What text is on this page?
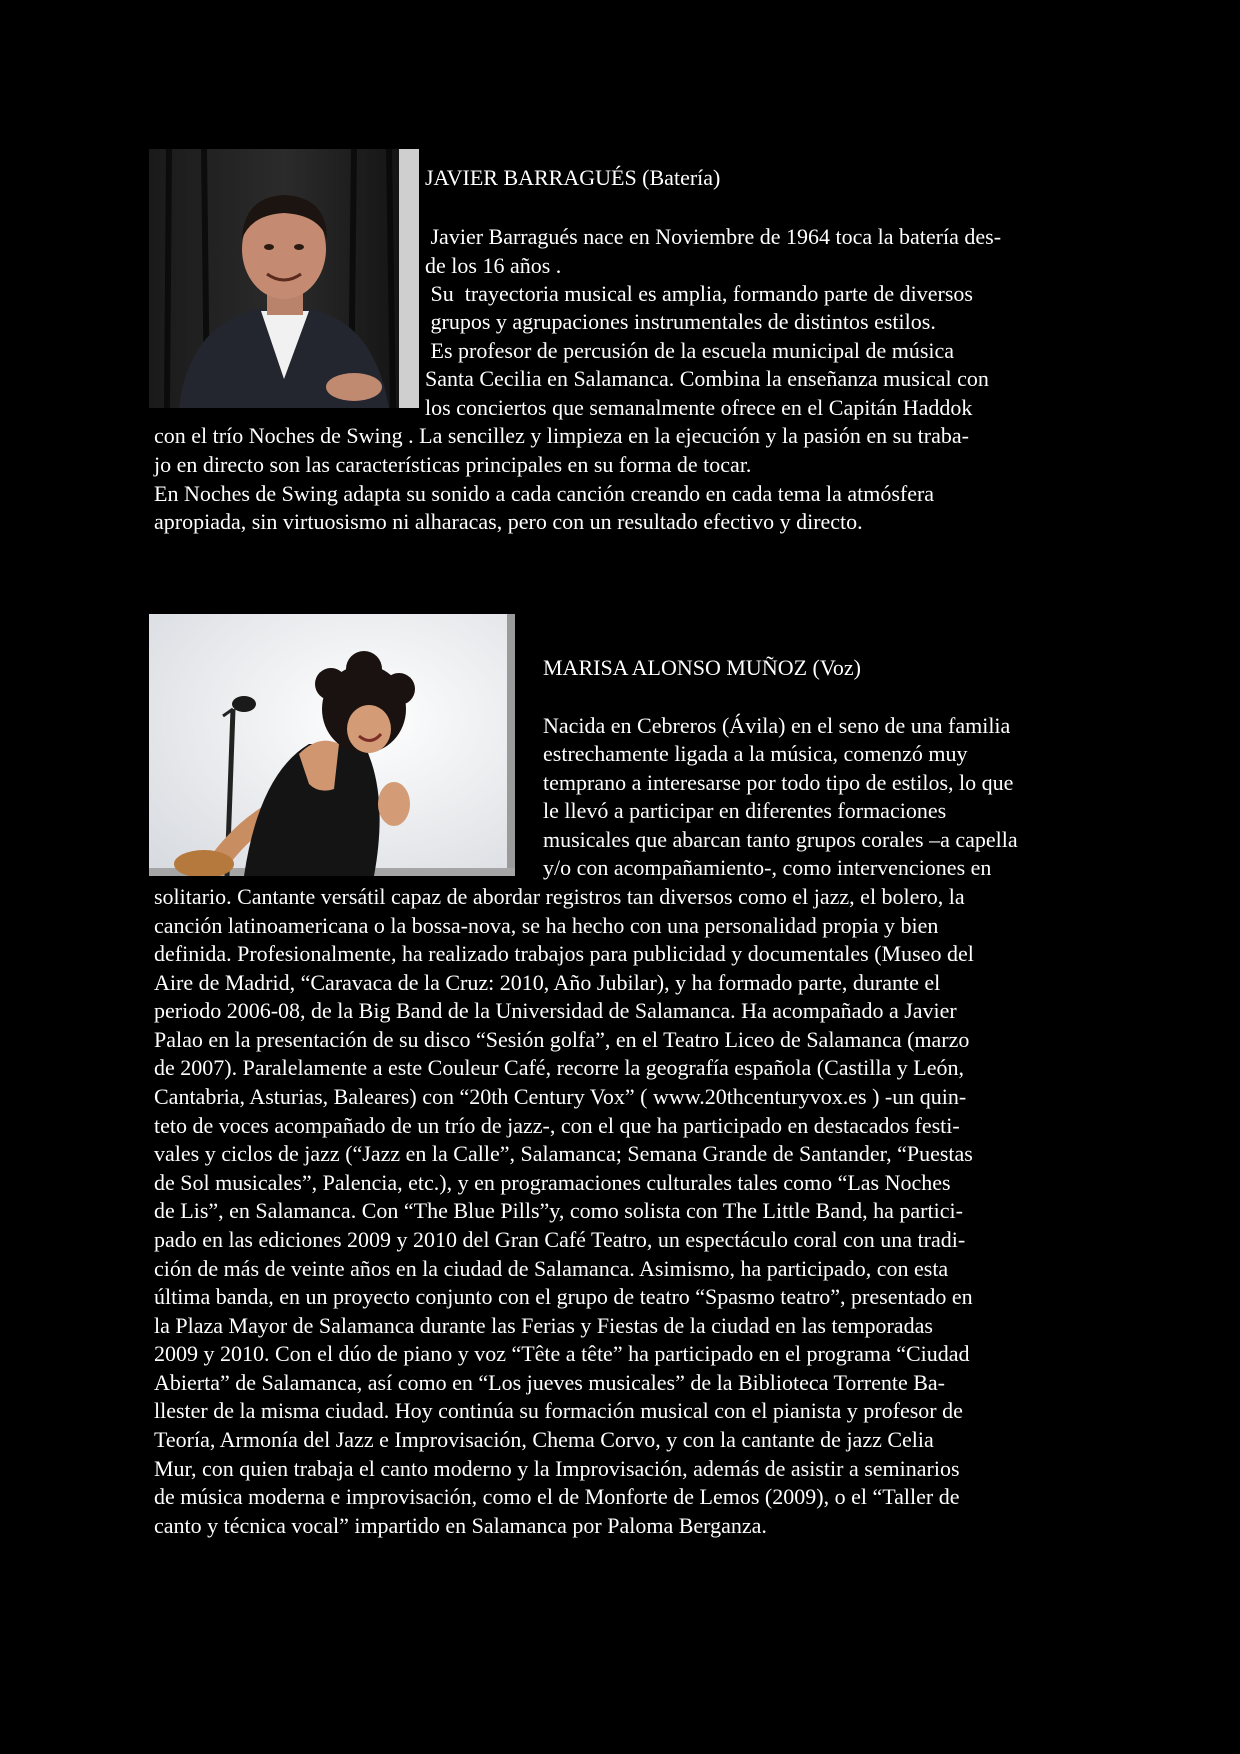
JAVIER BARRAGUÉS (Batería)
Javier Barragués nace en Noviembre de 1964 toca la batería des-
de los 16 años .
Su  trayectoria musical es amplia, formando parte de diversos
grupos y agrupaciones instrumentales de distintos estilos.
Es profesor de percusión de la escuela municipal de música
Santa Cecilia en Salamanca. Combina la enseñanza musical con
los conciertos que semanalmente ofrece en el Capitán Haddok
con el trío Noches de Swing . La sencillez y limpieza en la ejecución y la pasión en su traba-
jo en directo son las características principales en su forma de tocar.
En Noches de Swing adapta su sonido a cada canción creando en cada tema la atmósfera
apropiada, sin virtuosismo ni alharacas, pero con un resultado efectivo y directo.
MARISA ALONSO MUÑOZ (Voz)
Nacida en Cebreros (Ávila) en el seno de una familia
estrechamente ligada a la música, comenzó muy
temprano a interesarse por todo tipo de estilos, lo que
le llevó a participar en diferentes formaciones
musicales que abarcan tanto grupos corales –a capella
y/o con acompañamiento-, como intervenciones en
solitario. Cantante versátil capaz de abordar registros tan diversos como el jazz, el bolero, la
canción latinoamericana o la bossa-nova, se ha hecho con una personalidad propia y bien
definida. Profesionalmente, ha realizado trabajos para publicidad y documentales (Museo del
Aire de Madrid, “Caravaca de la Cruz: 2010, Año Jubilar), y ha formado parte, durante el
periodo 2006-08, de la Big Band de la Universidad de Salamanca. Ha acompañado a Javier
Palao en la presentación de su disco “Sesión golfa”, en el Teatro Liceo de Salamanca (marzo
de 2007). Paralelamente a este Couleur Café, recorre la geografía española (Castilla y León,
Cantabria, Asturias, Baleares) con “20th Century Vox” ( www.20thcenturyvox.es ) -un quin-
teto de voces acompañado de un trío de jazz-, con el que ha participado en destacados festi-
vales y ciclos de jazz (“Jazz en la Calle”, Salamanca; Semana Grande de Santander, “Puestas
de Sol musicales”, Palencia, etc.), y en programaciones culturales tales como “Las Noches
de Lis”, en Salamanca. Con “The Blue Pills”y, como solista con The Little Band, ha partici-
pado en las ediciones 2009 y 2010 del Gran Café Teatro, un espectáculo coral con una tradi-
ción de más de veinte años en la ciudad de Salamanca. Asimismo, ha participado, con esta
última banda, en un proyecto conjunto con el grupo de teatro “Spasmo teatro”, presentado en
la Plaza Mayor de Salamanca durante las Ferias y Fiestas de la ciudad en las temporadas
2009 y 2010. Con el dúo de piano y voz “Tête a tête” ha participado en el programa “Ciudad
Abierta” de Salamanca, así como en “Los jueves musicales” de la Biblioteca Torrente Ba-
llester de la misma ciudad. Hoy continúa su formación musical con el pianista y profesor de
Teoría, Armonía del Jazz e Improvisación, Chema Corvo, y con la cantante de jazz Celia
Mur, con quien trabaja el canto moderno y la Improvisación, además de asistir a seminarios
de música moderna e improvisación, como el de Monforte de Lemos (2009), o el “Taller de
canto y técnica vocal” impartido en Salamanca por Paloma Berganza.
